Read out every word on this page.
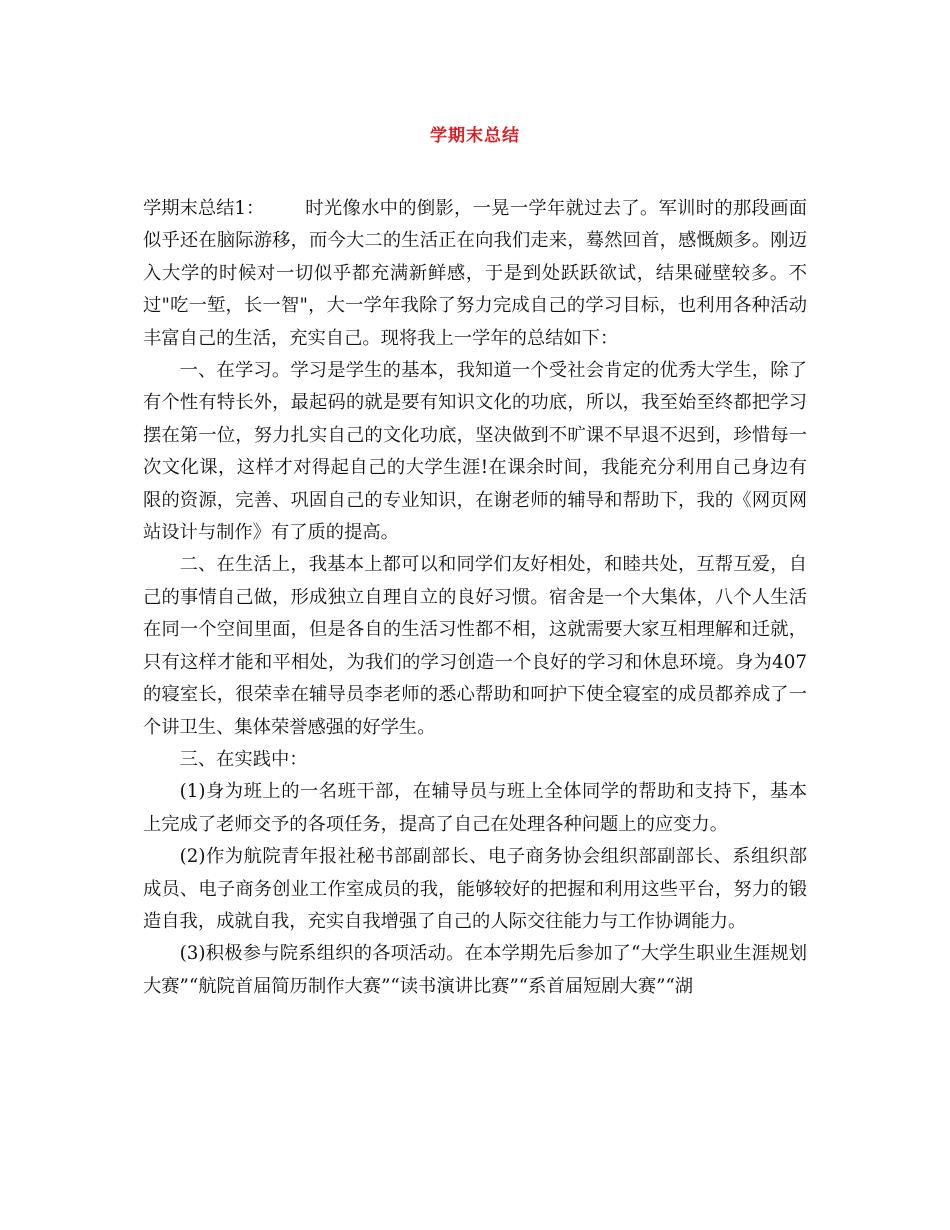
学期末总结

学期末总结1： 时光像水中的倒影，一晃一学年就过去了。军训时的那段画面似乎还在脑际游移，而今大二的生活正在向我们走来，蓦然回首，感慨颇多。刚迈入大学的时候对一切似乎都充满新鲜感，于是到处跃跃欲试，结果碰壁较多。不过"吃一堑，长一智"，大一学年我除了努力完成自己的学习目标，也利用各种活动丰富自己的生活，充实自己。现将我上一学年的总结如下：

一、在学习。学习是学生的基本，我知道一个受社会肯定的优秀大学生，除了有个性有特长外，最起码的就是要有知识文化的功底，所以，我至始至终都把学习摆在第一位，努力扎实自己的文化功底，坚决做到不旷课不早退不迟到，珍惜每一次文化课，这样才对得起自己的大学生涯!在课余时间，我能充分利用自己身边有限的资源，完善、巩固自己的专业知识，在谢老师的辅导和帮助下，我的《网页网站设计与制作》有了质的提高。

二、在生活上，我基本上都可以和同学们友好相处，和睦共处，互帮互爱，自己的事情自己做，形成独立自理自立的良好习惯。宿舍是一个大集体，八个人生活在同一个空间里面，但是各自的生活习性都不相，这就需要大家互相理解和迁就，只有这样才能和平相处，为我们的学习创造一个良好的学习和休息环境。身为407的寝室长，很荣幸在辅导员李老师的悉心帮助和呵护下使全寝室的成员都养成了一个讲卫生、集体荣誉感强的好学生。

三、在实践中：

(1)身为班上的一名班干部，在辅导员与班上全体同学的帮助和支持下，基本上完成了老师交予的各项任务，提高了自己在处理各种问题上的应变力。

(2)作为航院青年报社秘书部副部长、电子商务协会组织部副部长、系组织部成员、电子商务创业工作室成员的我，能够较好的把握和利用这些平台，努力的锻造自我，成就自我，充实自我增强了自己的人际交往能力与工作协调能力。

(3)积极参与院系组织的各项活动。在本学期先后参加了“大学生职业生涯规划大赛”“航院首届简历制作大赛”“读书演讲比赛”“系首届短剧大赛”“湖
